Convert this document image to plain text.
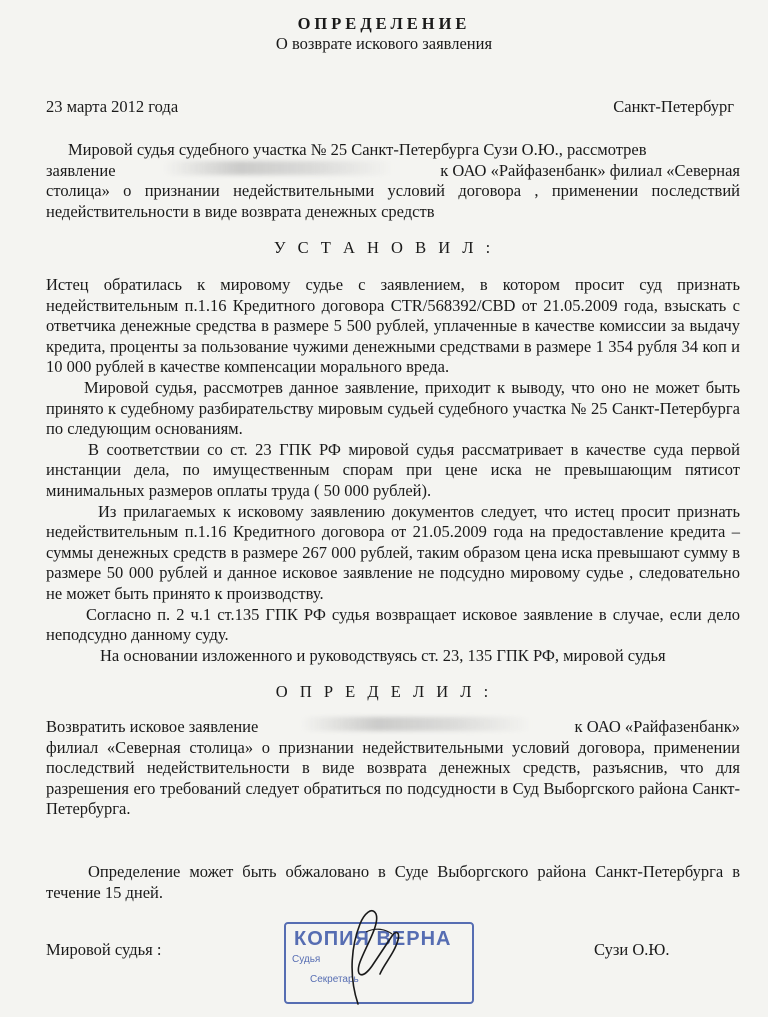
ОПРЕДЕЛЕНИЕ
О возврате искового заявления
23 марта 2012 года	Санкт-Петербург

Мировой судья судебного участка № 25 Санкт-Петербурга Сузи О.Ю., рассмотрев

заявление	к ОАО «Райфазенбанк» филиал «Северная

столица» о признании недействительными условий договора , применении последствий недействительности в виде возврата денежных средств

У С Т А Н О В И Л :

Истец обратилась к мировому судье с заявлением, в котором просит суд признать недействительным п.1.16 Кредитного договора CTR/568392/CBD от 21.05.2009 года, взыскать с ответчика денежные средства в размере 5 500 рублей, уплаченные в качестве комиссии за выдачу кредита, проценты за пользование чужими денежными средствами в размере 1 354 рубля 34 коп и 10 000 рублей в качестве компенсации морального вреда.

Мировой судья, рассмотрев данное заявление, приходит к выводу, что оно не может быть принято к судебному разбирательству мировым судьей судебного участка № 25 Санкт-Петербурга по следующим основаниям.

В соответствии со ст. 23 ГПК РФ мировой судья рассматривает в качестве суда первой инстанции дела, по имущественным спорам при цене иска не превышающим пятисот минимальных размеров оплаты труда ( 50 000 рублей).

Из прилагаемых к исковому заявлению документов следует, что истец просит признать недействительным п.1.16 Кредитного договора от 21.05.2009 года на предоставление кредита –суммы денежных средств в размере 267 000 рублей, таким образом цена иска превышают сумму в размере 50 000 рублей и данное исковое заявление не подсудно мировому судье , следовательно не может быть принято к производству.

Согласно п. 2 ч.1 ст.135 ГПК РФ судья возвращает исковое заявление в случае, если дело неподсудно данному суду.

На основании изложенного и руководствуясь ст. 23, 135 ГПК РФ, мировой судья

О П Р Е Д Е Л И Л :

Возвратить исковое заявление	к ОАО «Райфазенбанк»

филиал «Северная столица» о признании недействительными условий договора, применении последствий недействительности в виде возврата денежных средств, разъяснив, что для разрешения его требований следует обратиться по подсудности в Суд Выборгского района Санкт-Петербурга.

Определение может быть обжаловано в Суде Выборгского района Санкт-Петербурга в течение 15 дней.

Мировой судья :	КОПИЯ ВЕРНА
Судья
Секретарь
Сузи О.Ю.
